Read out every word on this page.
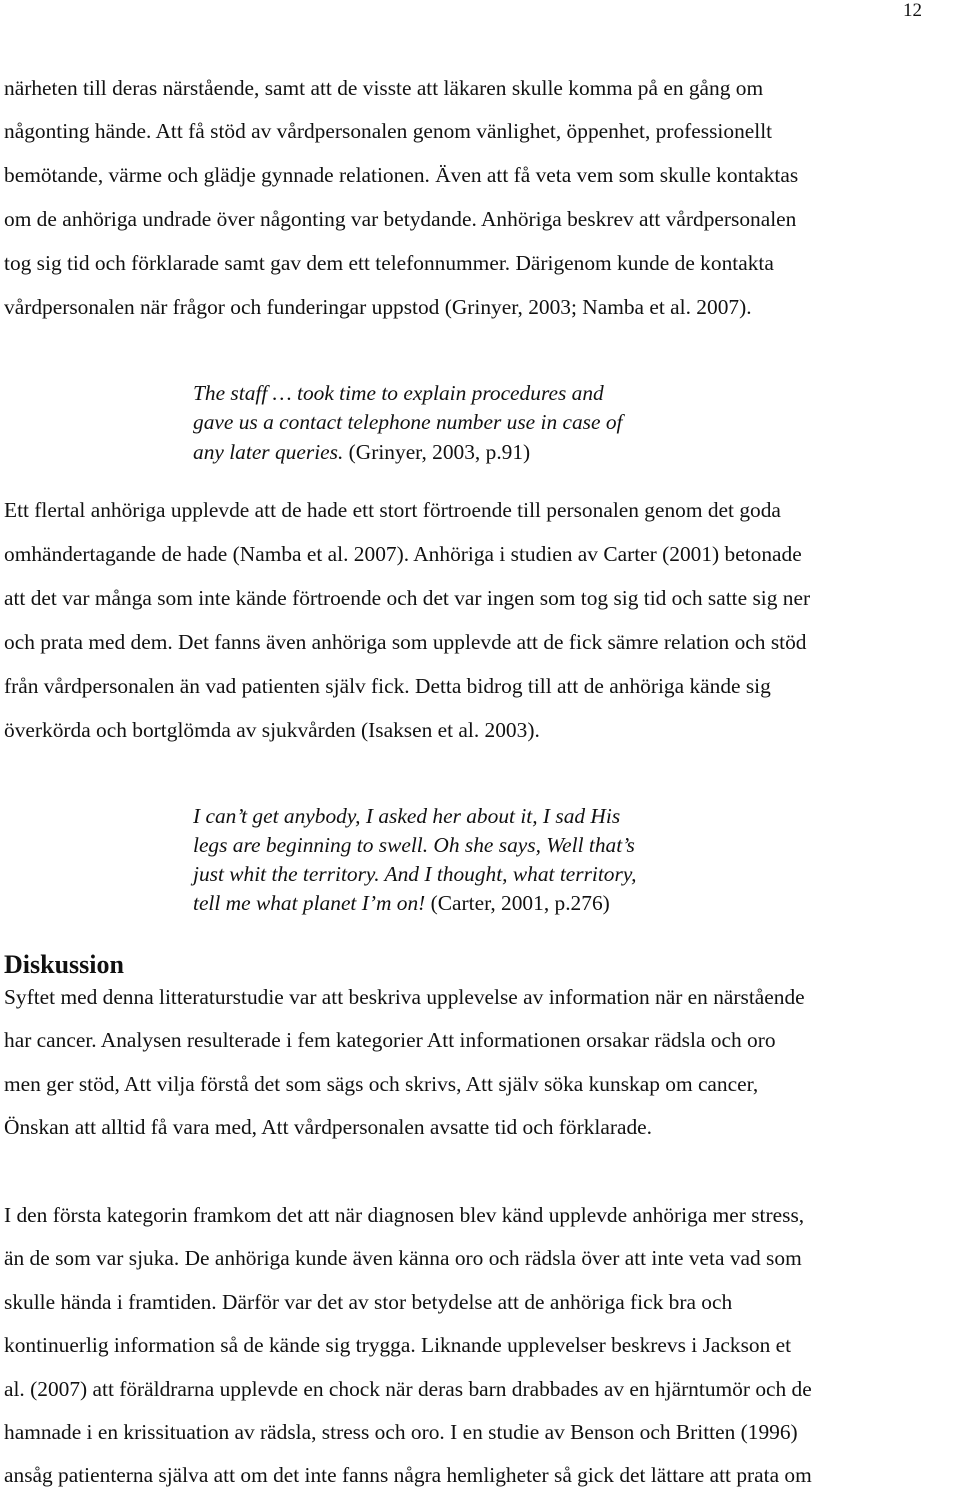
12
närheten till deras närstående, samt att de visste att läkaren skulle komma på en gång om
någonting hände. Att få stöd av vårdpersonalen genom vänlighet, öppenhet, professionellt
bemötande, värme och glädje gynnade relationen. Även att få veta vem som skulle kontaktas
om de anhöriga undrade över någonting var betydande. Anhöriga beskrev att vårdpersonalen
tog sig tid och förklarade samt gav dem ett telefonnummer. Därigenom kunde de kontakta
vårdpersonalen när frågor och funderingar uppstod (Grinyer, 2003; Namba et al. 2007).
The staff … took time to explain procedures and
gave us a contact telephone number use in case of
any later queries. (Grinyer, 2003, p.91)
Ett flertal anhöriga upplevde att de hade ett stort förtroende till personalen genom det goda
omhändertagande de hade (Namba et al. 2007). Anhöriga i studien av Carter (2001) betonade
att det var många som inte kände förtroende och det var ingen som tog sig tid och satte sig ner
och prata med dem. Det fanns även anhöriga som upplevde att de fick sämre relation och stöd
från vårdpersonalen än vad patienten själv fick. Detta bidrog till att de anhöriga kände sig
överkörda och bortglömda av sjukvården (Isaksen et al. 2003).
I can’t get anybody, I asked her about it, I sad His
legs are beginning to swell. Oh she says, Well that’s
just whit the territory. And I thought, what territory,
tell me what planet I’m on! (Carter, 2001, p.276)
Diskussion
Syftet med denna litteraturstudie var att beskriva upplevelse av information när en närstående
har cancer. Analysen resulterade i fem kategorier Att informationen orsakar rädsla och oro
men ger stöd, Att vilja förstå det som sägs och skrivs, Att själv söka kunskap om cancer,
Önskan att alltid få vara med, Att vårdpersonalen avsatte tid och förklarade.
I den första kategorin framkom det att när diagnosen blev känd upplevde anhöriga mer stress,
än de som var sjuka. De anhöriga kunde även känna oro och rädsla över att inte veta vad som
skulle hända i framtiden. Därför var det av stor betydelse att de anhöriga fick bra och
kontinuerlig information så de kände sig trygga. Liknande upplevelser beskrevs i Jackson et
al. (2007) att föräldrarna upplevde en chock när deras barn drabbades av en hjärntumör och de
hamnade i en krissituation av rädsla, stress och oro. I en studie av Benson och Britten (1996)
ansåg patienterna själva att om det inte fanns några hemligheter så gick det lättare att prata om
